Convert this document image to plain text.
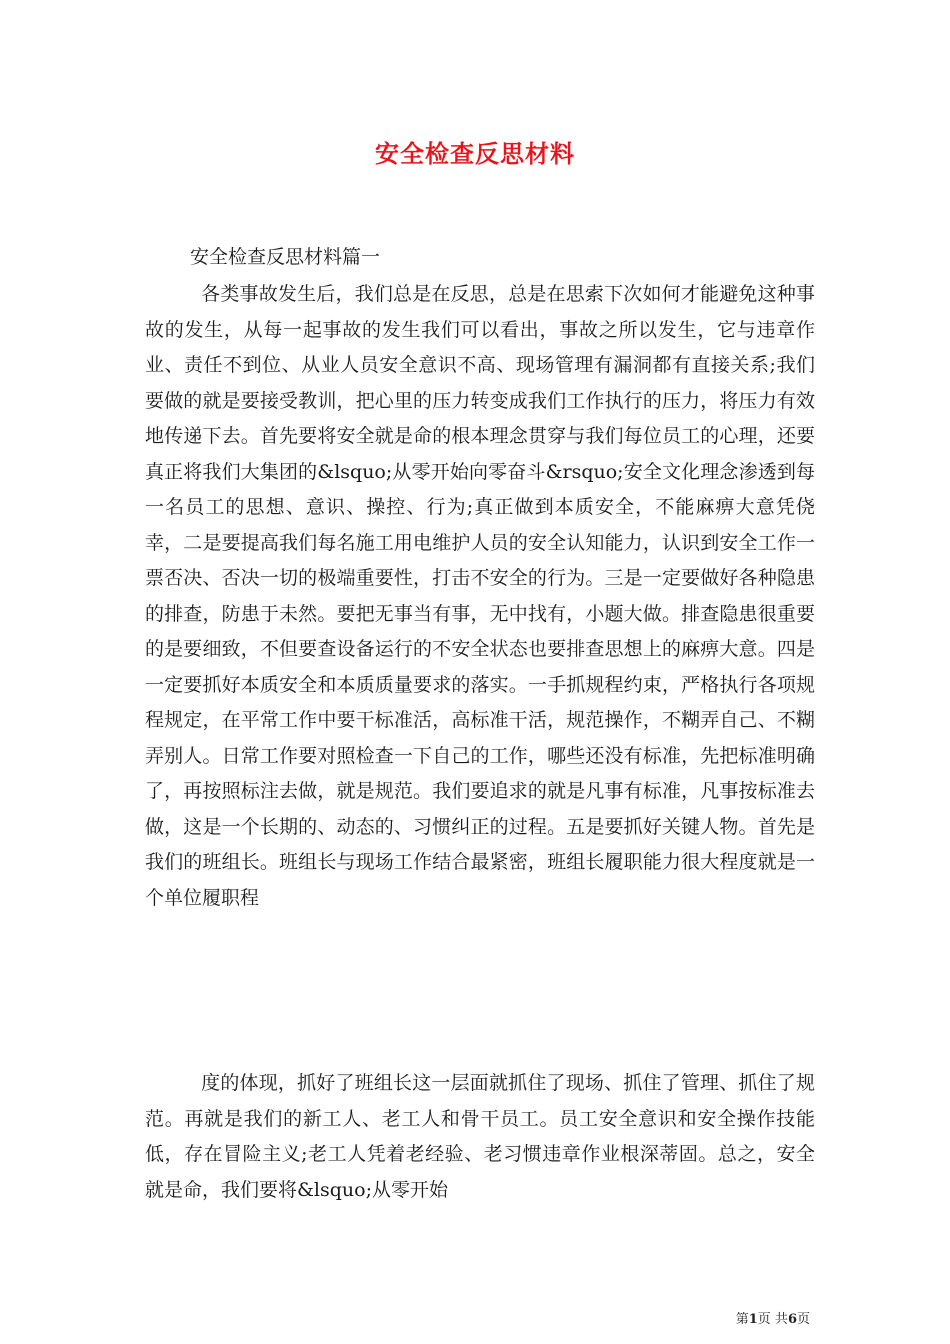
安全检查反思材料
安全检查反思材料篇一
各类事故发生后，我们总是在反思，总是在思索下次如何才能避免这种事故的发生，从每一起事故的发生我们可以看出，事故之所以发生，它与违章作业、责任不到位、从业人员安全意识不高、现场管理有漏洞都有直接关系;我们要做的就是要接受教训，把心里的压力转变成我们工作执行的压力，将压力有效地传递下去。首先要将安全就是命的根本理念贯穿与我们每位员工的心理，还要真正将我们大集团的&lsquo;从零开始向零奋斗&rsquo;安全文化理念渗透到每一名员工的思想、意识、操控、行为;真正做到本质安全，不能麻痹大意凭侥幸，二是要提高我们每名施工用电维护人员的安全认知能力，认识到安全工作一票否决、否决一切的极端重要性，打击不安全的行为。三是一定要做好各种隐患的排查，防患于未然。要把无事当有事，无中找有，小题大做。排查隐患很重要的是要细致，不但要查设备运行的不安全状态也要排查思想上的麻痹大意。四是一定要抓好本质安全和本质质量要求的落实。一手抓规程约束，严格执行各项规程规定，在平常工作中要干标准活，高标准干活，规范操作，不糊弄自己、不糊弄别人。日常工作要对照检查一下自己的工作，哪些还没有标准，先把标准明确了，再按照标注去做，就是规范。我们要追求的就是凡事有标准，凡事按标准去做，这是一个长期的、动态的、习惯纠正的过程。五是要抓好关键人物。首先是我们的班组长。班组长与现场工作结合最紧密，班组长履职能力很大程度就是一个单位履职程
度的体现，抓好了班组长这一层面就抓住了现场、抓住了管理、抓住了规范。再就是我们的新工人、老工人和骨干员工。员工安全意识和安全操作技能低，存在冒险主义;老工人凭着老经验、老习惯违章作业根深蒂固。总之，安全就是命，我们要将&lsquo;从零开始
第1页 共6页
